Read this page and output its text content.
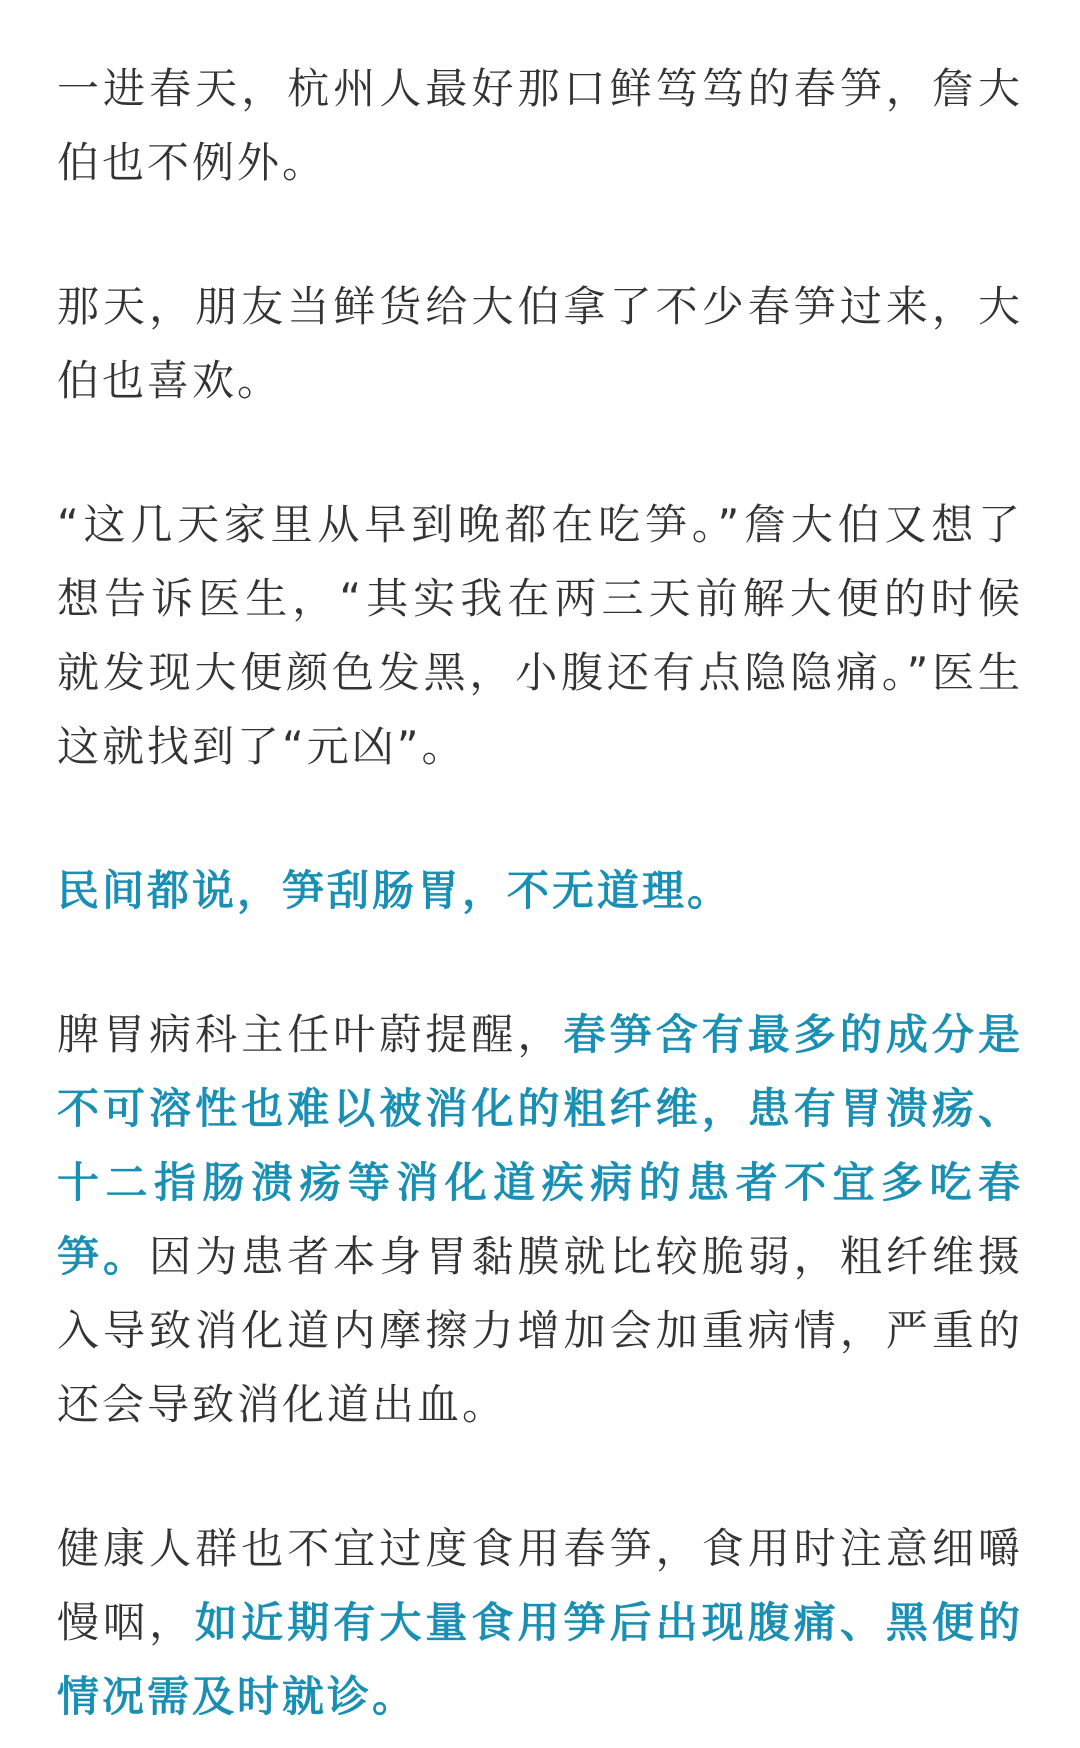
一进春天，杭州人最好那口鲜笃笃的春笋，詹大伯也不例外。

那天，朋友当鲜货给大伯拿了不少春笋过来，大伯也喜欢。

“这几天家里从早到晚都在吃笋。”詹大伯又想了想告诉医生，“其实我在两三天前解大便的时候就发现大便颜色发黑，小腹还有点隐隐痛。”医生这就找到了“元凶”。

民间都说，笋刮肠胃，不无道理。

脾胃病科主任叶蔚提醒，春笋含有最多的成分是不可溶性也难以被消化的粗纤维，患有胃溃疡、十二指肠溃疡等消化道疾病的患者不宜多吃春笋。因为患者本身胃黏膜就比较脆弱，粗纤维摄入导致消化道内摩擦力增加会加重病情，严重的还会导致消化道出血。

健康人群也不宜过度食用春笋，食用时注意细嚼慢咽，如近期有大量食用笋后出现腹痛、黑便的情况需及时就诊。
